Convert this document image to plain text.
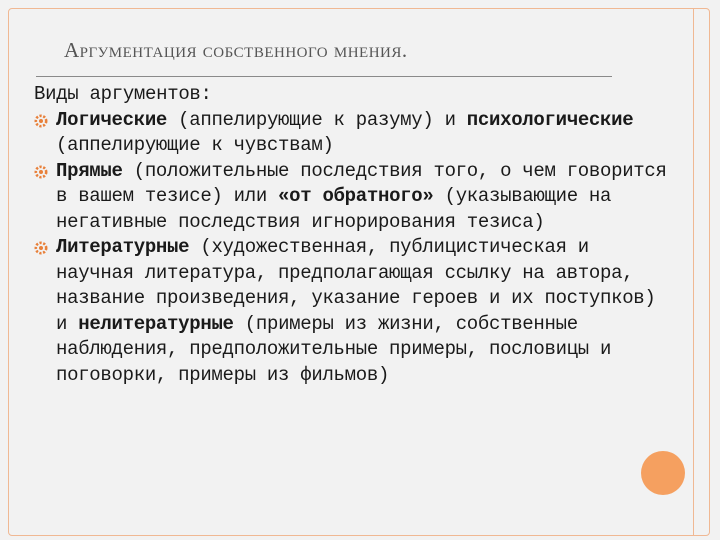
Аргументация собственного мнения.

Виды аргументов:

Логические (аппелирующие к разуму) и психологические (аппелирующие к чувствам)

Прямые (положительные последствия того, о чем говорится в вашем тезисе) или «от обратного» (указывающие на негативные последствия игнорирования тезиса)

Литературные (художественная, публицистическая и научная литература, предполагающая ссылку на автора, название произведения, указание героев и их поступков) и нелитературные (примеры из жизни, собственные наблюдения, предположительные примеры, пословицы и поговорки, примеры из фильмов)
